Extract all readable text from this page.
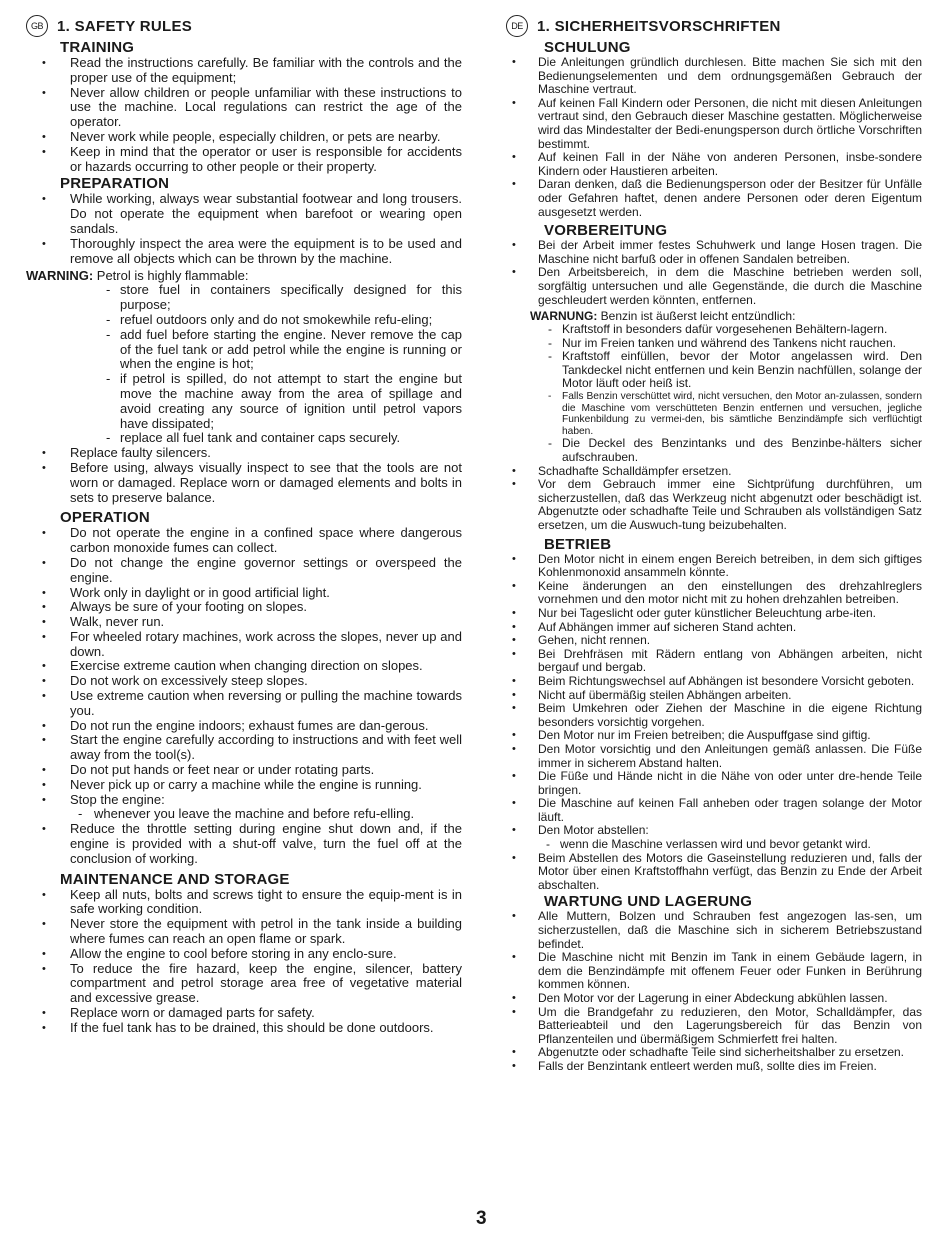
GB 1. SAFETY RULES
TRAINING
• Read the instructions carefully. Be familiar with the controls and the proper use of the equipment;
• Never allow children or people unfamiliar with these instructions to use the machine. Local regulations can restrict the age of the operator.
• Never work while people, especially children, or pets are nearby.
• Keep in mind that the operator or user is responsible for accidents or hazards occurring to other people or their property.
PREPARATION
• While working, always wear substantial footwear and long trousers. Do not operate the equipment when barefoot or wearing open sandals.
• Thoroughly inspect the area were the equipment is to be used and remove all objects which can be thrown by the machine.
WARNING: Petrol is highly flammable:
- store fuel in containers specifically designed for this purpose;
- refuel outdoors only and do not smokewhile refu-eling;
- add fuel before starting the engine. Never remove the cap of the fuel tank or add petrol while the engine is running or when the engine is hot;
- if petrol is spilled, do not attempt to start the engine but move the machine away from the area of spillage and avoid creating any source of ignition until petrol vapors have dissipated;
- replace all fuel tank and container caps securely.
• Replace faulty silencers.
• Before using, always visually inspect to see that the tools are not worn or damaged. Replace worn or damaged elements and bolts in sets to preserve balance.
OPERATION
• Do not operate the engine in a confined space where dangerous carbon monoxide fumes can collect.
• Do not change the engine governor settings or overspeed the engine.
• Work only in daylight or in good artificial light.
• Always be sure of your footing on slopes.
• Walk, never run.
• For wheeled rotary machines, work across the slopes, never up and down.
• Exercise extreme caution when changing direction on slopes.
• Do not work on excessively steep slopes.
• Use extreme caution when reversing or pulling the machine towards you.
• Do not run the engine indoors; exhaust fumes are dan-gerous.
• Start the engine carefully according to instructions and with feet well away from the tool(s).
• Do not put hands or feet near or under rotating parts.
• Never pick up or carry a machine while the engine is running.
• Stop the engine:
- whenever you leave the machine and before refu-elling.
• Reduce the throttle setting during engine shut down and, if the engine is provided with a shut-off valve, turn the fuel off at the conclusion of working.
MAINTENANCE AND STORAGE
• Keep all nuts, bolts and screws tight to ensure the equip-ment is in safe working condition.
• Never store the equipment with petrol in the tank inside a building where fumes can reach an open flame or spark.
• Allow the engine to cool before storing in any enclo-sure.
• To reduce the fire hazard, keep the engine, silencer, battery compartment and petrol storage area free of vegetative material and excessive grease.
• Replace worn or damaged parts for safety.
• If the fuel tank has to be drained, this should be done outdoors.
DE 1. SICHERHEITSVORSCHRIFTEN
SCHULUNG
• Die Anleitungen gründlich durchlesen. Bitte machen Sie sich mit den Bedienungselementen und dem ordnungsgemäßen Gebrauch der Maschine vertraut.
• Auf keinen Fall Kindern oder Personen, die nicht mit diesen Anleitungen vertraut sind, den Gebrauch dieser Maschine gestatten. Möglicherweise wird das Mindestalter der Bedi-enungsperson durch örtliche Vorschriften bestimmt.
• Auf keinen Fall in der Nähe von anderen Personen, insbe-sondere Kindern oder Haustieren arbeiten.
• Daran denken, daß die Bedienungsperson oder der Besitzer für Unfälle oder Gefahren haftet, denen andere Personen oder deren Eigentum ausgesetzt werden.
VORBEREITUNG
• Bei der Arbeit immer festes Schuhwerk und lange Hosen tragen. Die Maschine nicht barfuß oder in offenen Sandalen betreiben.
• Den Arbeitsbereich, in dem die Maschine betrieben werden soll, sorgfältig untersuchen und alle Gegenstände, die durch die Maschine geschleudert werden könnten, entfernen.
WARNUNG: Benzin ist äußerst leicht entzündlich:
- Kraftstoff in besonders dafür vorgesehenen Behältern-lagern.
- Nur im Freien tanken und während des Tankens nicht rauchen.
- Kraftstoff einfüllen, bevor der Motor angelassen wird. Den Tankdeckel nicht entfernen und kein Benzin nachfüllen, solange der Motor läuft oder heiß ist.
- Falls Benzin verschüttet wird, nicht versuchen, den Motor an-zulassen, sondern die Maschine vom verschütteten Benzin entfernen und versuchen, jegliche Funkenbildung zu vermei-den, bis sämtliche Benzindämpfe sich verflüchtigt haben.
- Die Deckel des Benzintanks und des Benzinbe-hälters sicher aufschrauben.
• Schadhafte Schalldämpfer ersetzen.
• Vor dem Gebrauch immer eine Sichtprüfung durchführen, um sicherzustellen, daß das Werkzeug nicht abgenutzt oder beschädigt ist. Abgenutzte oder schadhafte Teile und Schrauben als vollständigen Satz ersetzen, um die Auswuch-tung beizubehalten.
BETRIEB
• Den Motor nicht in einem engen Bereich betreiben, in dem sich giftiges Kohlenmonoxid ansammeln könnte.
• Keine änderungen an den einstellungen des drehzahlreglers vornehmen und den motor nicht mit zu hohen drehzahlen betreiben.
• Nur bei Tageslicht oder guter künstlicher Beleuchtung arbe-iten.
• Auf Abhängen immer auf sicheren Stand achten.
• Gehen, nicht rennen.
• Bei Drehfräsen mit Rädern entlang von Abhängen arbeiten, nicht bergauf und bergab.
• Beim Richtungswechsel auf Abhängen ist besondere Vorsicht geboten.
• Nicht auf übermäßig steilen Abhängen arbeiten.
• Beim Umkehren oder Ziehen der Maschine in die eigene Richtung besonders vorsichtig vorgehen.
• Den Motor nur im Freien betreiben; die Auspuffgase sind giftig.
• Den Motor vorsichtig und den Anleitungen gemäß anlassen. Die Füße immer in sicherem Abstand halten.
• Die Füße und Hände nicht in die Nähe von oder unter dre-hende Teile bringen.
• Die Maschine auf keinen Fall anheben oder tragen solange der Motor läuft.
• Den Motor abstellen:
- wenn die Maschine verlassen wird und bevor getankt wird.
• Beim Abstellen des Motors die Gaseinstellung reduzieren und, falls der Motor über einen Kraftstoffhahn verfügt, das Benzin zu Ende der Arbeit abschalten.
WARTUNG UND LAGERUNG
• Alle Muttern, Bolzen und Schrauben fest angezogen las-sen, um sicherzustellen, daß die Maschine sich in sicherem Betriebszustand befindet.
• Die Maschine nicht mit Benzin im Tank in einem Gebäude lagern, in dem die Benzindämpfe mit offenem Feuer oder Funken in Berührung kommen können.
• Den Motor vor der Lagerung in einer Abdeckung abkühlen lassen.
• Um die Brandgefahr zu reduzieren, den Motor, Schalldämpfer, das Batterieabteil und den Lagerungsbereich für das Benzin von Pflanzenteilen und übermäßigem Schmierfett frei halten.
• Abgenutzte oder schadhafte Teile sind sicherheitshalber zu ersetzen.
• Falls der Benzintank entleert werden muß, sollte dies im Freien.
3
